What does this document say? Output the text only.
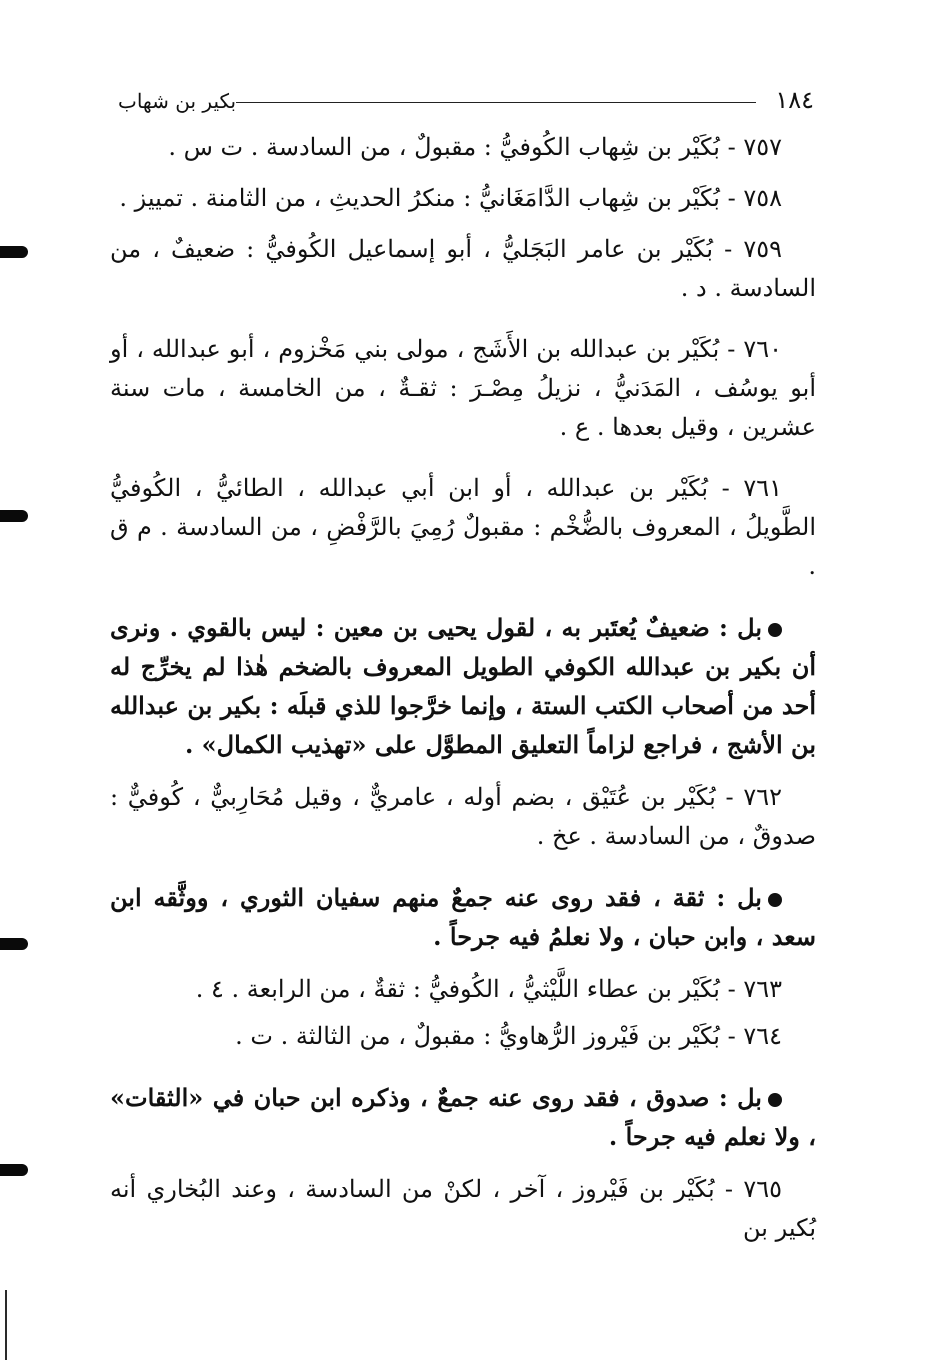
١٨٤
بكير بن شهاب

٧٥٧ - بُكَيْر بن شِهاب الكُوفيُّ : مقبولٌ ، من السادسة . ت س .

٧٥٨ - بُكَيْر بن شِهاب الدَّامَغَانيُّ : منكرُ الحديثِ ، من الثامنة . تمييز .

٧٥٩ - بُكَيْر بن عامر البَجَليُّ ، أبو إسماعيل الكُوفيُّ : ضعيفٌ ، من السادسة . د .

٧٦٠ - بُكَيْر بن عبدالله بن الأَشَج ، مولى بني مَخْزوم ، أبو عبدالله ، أو أبو يوسُف ، المَدَنيُّ ، نزيلُ مِصْـرَ : ثقـةٌ ، من الخامسة ، مات سنة عشرين ، وقيل بعدها . ع .

٧٦١ - بُكَيْر بن عبدالله ، أو ابن أبي عبدالله ، الطائيُّ ، الكُوفيُّ الطَّويلُ ، المعروف بالضُّخْم : مقبولٌ رُمِيَ بالرَّفْضِ ، من السادسة . م ق .

بل : ضعيفٌ يُعتَبر به ، لقول يحيى بن معين : ليس بالقوي . ونرى أن بكير بن عبدالله الكوفي الطويل المعروف بالضخم هٰذا لم يخرِّج له أحد من أصحاب الكتب الستة ، وإنما خرَّجوا للذي قبلَه : بكير بن عبدالله بن الأشج ، فراجع لزاماً التعليق المطوَّل على «تهذيب الكمال» .

٧٦٢ - بُكَيْر بن عُتَيْق ، بضم أوله ، عامريٌّ ، وقيل مُحَارِبيٌّ ، كُوفيٌّ : صدوقٌ ، من السادسة . عخ .

بل : ثقة ، فقد روى عنه جمعٌ منهم سفيان الثوري ، ووثَّقه ابن سعد ، وابن حبان ، ولا نعلمُ فيه جرحاً .

٧٦٣ - بُكَيْر بن عطاء اللَّيْثيُّ ، الكُوفيُّ : ثقةٌ ، من الرابعة . ٤ .

٧٦٤ - بُكَيْر بن فَيْروز الرُّهاويُّ : مقبولٌ ، من الثالثة . ت .

بل : صدوق ، فقد روى عنه جمعٌ ، وذكره ابن حبان في «الثقات» ، ولا نعلم فيه جرحاً .

٧٦٥ - بُكَيْر بن فَيْروز ، آخر ، لكنْ من السادسة ، وعند البُخاري أنه بُكير بن
